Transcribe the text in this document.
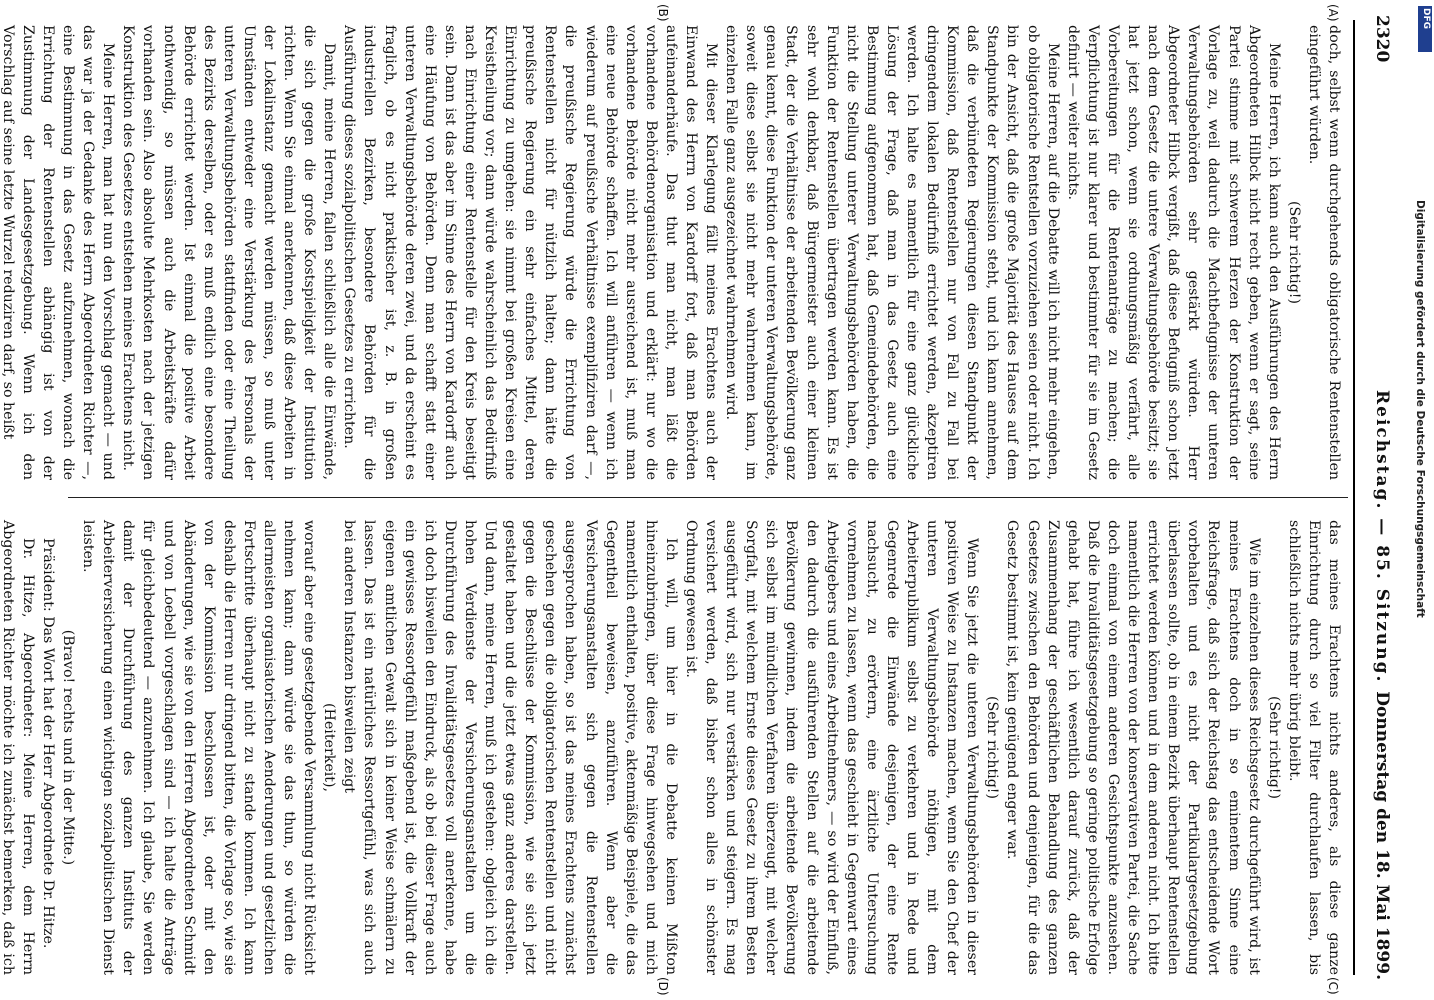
2320
Reichstag. — 85. Sitzung.
Donnerstag den 18. Mai 1899.
(A)
(B)
(C)
(D)

doch, selbst wenn durchgehends obligatorische Rentenstellen eingeführt würden.

(Sehr richtig!)

Meine Herren, ich kann auch den Ausführungen des Herrn Abgeordneten Hilbck nicht recht geben, wenn er sagt, seine Partei stimme mit schwerem Herzen der Konstruktion der Vorlage zu, weil dadurch die Machtbefugnisse der unteren Verwaltungsbehörden sehr gestärkt würden. Herr Abgeordneter Hilbck vergißt, daß diese Befugniß schon jetzt nach dem Gesetz die untere Verwaltungsbehörde besitzt; sie hat jetzt schon, wenn sie ordnungsmäßig verfährt, alle Vorbereitungen für die Rentenanträge zu machen; die Verpflichtung ist nur klarer und bestimmter für sie im Gesetz definirt — weiter nichts.

Meine Herren, auf die Debatte will ich nicht mehr eingehen, ob obligatorische Rentstellen vorzuziehen seien oder nicht. Ich bin der Ansicht, daß die große Majorität des Hauses auf dem Standpunkte der Kommission steht, und ich kann annehmen, daß die verbündeten Regierungen diesen Standpunkt der Kommission, daß Rentenstellen nur von Fall zu Fall bei dringendem lokalen Bedürfniß errichtet werden, akzeptiren werden. Ich halte es namentlich für eine ganz glückliche Lösung der Frage, daß man in das Gesetz auch eine Bestimmung aufgenommen hat, daß Gemeindebehörden, die nicht die Stellung unterer Verwaltungsbehörden haben, die Funktion der Rentenstellen übertragen werden kann. Es ist sehr wohl denkbar, daß Bürgermeister auch einer kleinen Stadt, der die Verhältnisse der arbeitenden Bevölkerung ganz genau kennt, diese Funktion der unteren Verwaltungsbehörde, soweit diese selbst sie nicht mehr wahrnehmen kann, im einzelnen Falle ganz ausgezeichnet wahrnehmen wird.

Mit dieser Klarlegung fällt meines Erachtens auch der Einwand des Herrn von Kardorff fort, daß man Behörden aufeinanderhäufe. Das thut man nicht, man läßt die vorhandene Behördenorganisation und erklärt: nur wo die vorhandene Behörde nicht mehr ausreichend ist, muß man eine neue Behörde schaffen. Ich will anführen — wenn ich wiederum auf preußische Verhältnisse exemplifiziren darf —, die preußische Regierung würde die Errichtung von Rentenstellen nicht für nützlich halten; dann hätte die preußische Regierung ein sehr einfaches Mittel, deren Einrichtung zu umgehen: sie nimmt bei großen Kreisen eine Kreistheilung vor; dann würde wahrscheinlich das Bedürfniß nach Einrichtung einer Rentenstelle für den Kreis beseitigt sein. Dann ist das aber im Sinne des Herrn von Kardorff auch eine Häufung von Behörden. Denn man schafft statt einer unteren Verwaltungsbehörde deren zwei, und da erscheint es fraglich, ob es nicht praktischer ist, z. B. in großen industriellen Bezirken, besondere Behörden für die Ausführung dieses sozialpolitischen Gesetzes zu errichten.

Damit, meine Herren, fallen schließlich alle die Einwände, die sich gegen die große Kostspieligkeit der Institution richten. Wenn Sie einmal anerkennen, daß diese Arbeiten in der Lokalinstanz gemacht werden müssen, so muß unter Umständen entweder eine Verstärkung des Personals der unteren Verwaltungsbehörden stattfinden oder eine Theilung des Bezirks derselben, oder es muß endlich eine besondere Behörde errichtet werden. Ist einmal die positive Arbeit nothwendig, so müssen auch die Arbeitskräfte dafür vorhanden sein. Also absolute Mehrkosten nach der jetzigen Konstruktion des Gesetzes entstehen meines Erachtens nicht.

Meine Herren, man hat nun den Vorschlag gemacht — und das war ja der Gedanke des Herrn Abgeordneten Richter —, eine Bestimmung in das Gesetz aufzunehmen, wonach die Errichtung der Rentenstellen abhängig ist von der Zustimmung der Landesgesetzgebung. Wenn ich den Vorschlag auf seine letzte Wurzel reduziren darf, so heißt

das meines Erachtens nichts anderes, als diese ganze Einrichtung durch so viel Filter durchlaufen lassen, bis schließlich nichts mehr übrig bleibt.

(Sehr richtig!)

Wie im einzelnen dieses Reichsgesetz durchgeführt wird, ist meines Erachtens doch in so eminentem Sinne eine Reichsfrage, daß sich der Reichstag das entscheidende Wort vorbehalten und es nicht der Partikulargesetzgebung überlassen sollte, ob in einem Bezirk überhaupt Rentenstellen errichtet werden können und in dem anderen nicht. Ich bitte namentlich die Herren von der konservativen Partei, die Sache doch einmal von einem anderen Gesichtspunkte anzusehen. Daß die Invaliditätsgesetzgebung so geringe politische Erfolge gehabt hat, führe ich wesentlich darauf zurück, daß der Zusammenhang der geschäftlichen Behandlung des ganzen Gesetzes zwischen den Behörden und denjenigen, für die das Gesetz bestimmt ist, kein genügend enger war.

(Sehr richtig!)

Wenn Sie jetzt die unteren Verwaltungsbehörden in dieser positiven Weise zu Instanzen machen, wenn Sie den Chef der unteren Verwaltungsbehörde nöthigen, mit dem Arbeiterpublikum selbst zu verkehren und in Rede und Gegenrede die Einwände desjenigen, der eine Rente nachsucht, zu erörtern, eine ärztliche Untersuchung vornehmen zu lassen, wenn das geschieht in Gegenwart eines Arbeitgebers und eines Arbeitnehmers, — so wird der Einfluß, den dadurch die ausführenden Stellen auf die arbeitende Bevölkerung gewinnen, indem die arbeitende Bevölkerung sich selbst im mündlichen Verfahren überzeugt, mit welcher Sorgfalt, mit welchem Ernste dieses Gesetz zu ihrem Besten ausgeführt wird, sich nur verstärken und steigern. Es mag versichert werden, daß bisher schon alles in schönster Ordnung gewesen ist.

Ich will, um hier in die Debatte keinen Mißton hineinzubringen, über diese Frage hinwegsehen und mich namentlich enthalten, positive, aktenmäßige Beispiele, die das Gegentheil beweisen, anzuführen. Wenn aber die Versicherungsanstalten sich gegen die Rentenstellen ausgesprochen haben, so ist das meines Erachtens zunächst geschehen gegen die obligatorischen Rentenstellen und nicht gegen die Beschlüsse der Kommission, wie sie sich jetzt gestaltet haben und die jetzt etwas ganz anderes darstellen. Und dann, meine Herren, muß ich gestehen: obgleich ich die hohen Verdienste der Versicherungsanstalten um die Durchführung des Invaliditätsgesetzes voll anerkenne, habe ich doch bisweilen den Eindruck, als ob bei dieser Frage auch ein gewisses Ressortgefühl maßgebend ist, die Vollkraft der eigenen amtlichen Gewalt sich in keiner Weise schmälern zu lassen. Das ist ein natürliches Ressortgefühl, was sich auch bei anderen Instanzen bisweilen zeigt

(Heiterkeit),

worauf aber eine gesetzgebende Versammlung nicht Rücksicht nehmen kann; dann würde sie das thun, so würden die allermeisten organisatorischen Aenderungen und gesetzlichen Fortschritte überhaupt nicht zu stande kommen. Ich kann deshalb die Herren nur dringend bitten, die Vorlage so, wie sie von der Kommission beschlossen ist, oder mit den Abänderungen, wie sie von den Herren Abgeordneten Schmidt und von Loebell vorgeschlagen sind — ich halte die Anträge für gleichbedeutend — anzunehmen. Ich glaube, Sie werden damit der Durchführung des ganzen Instituts der Arbeiterversicherung einen wichtigen sozialpolitischen Dienst leisten.

(Bravo! rechts und in der Mitte.)

Präsident: Das Wort hat der Herr Abgeordnete Dr. Hitze.

Dr. Hitze, Abgeordneter: Meine Herren, dem Herrn Abgeordneten Richter möchte ich zunächst bemerken, daß ich

DFG
Digitalisierung gefördert durch die Deutsche Forschungsgemeinschaft
